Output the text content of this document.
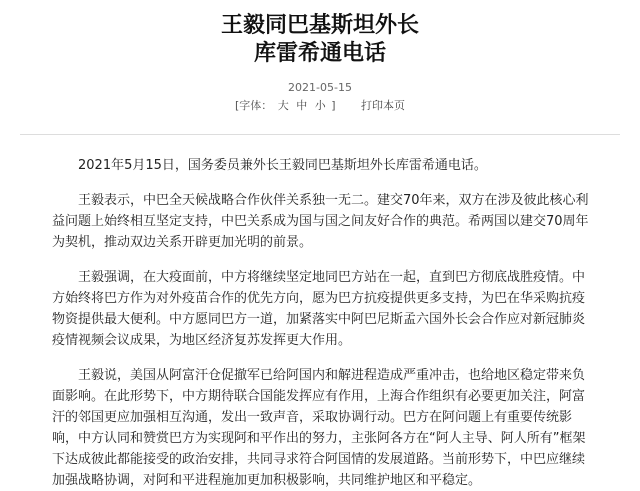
王毅同巴基斯坦外长
库雷希通电话
2021-05-15
[字体： 大 中 小 ] 打印本页

2021年5月15日，国务委员兼外长王毅同巴基斯坦外长库雷希通电话。

王毅表示，中巴全天候战略合作伙伴关系独一无二。建交70年来，双方在涉及彼此核心利益问题上始终相互坚定支持，中巴关系成为国与国之间友好合作的典范。希两国以建交70周年为契机，推动双边关系开辟更加光明的前景。

王毅强调，在大疫面前，中方将继续坚定地同巴方站在一起，直到巴方彻底战胜疫情。中方始终将巴方作为对外疫苗合作的优先方向，愿为巴方抗疫提供更多支持，为巴在华采购抗疫物资提供最大便利。中方愿同巴方一道，加紧落实中阿巴尼斯孟六国外长会合作应对新冠肺炎疫情视频会议成果，为地区经济复苏发挥更大作用。

王毅说，美国从阿富汗仓促撤军已给阿国内和解进程造成严重冲击，也给地区稳定带来负面影响。在此形势下，中方期待联合国能发挥应有作用，上海合作组织有必要更加关注，阿富汗的邻国更应加强相互沟通，发出一致声音，采取协调行动。巴方在阿问题上有重要传统影响，中方认同和赞赏巴方为实现阿和平作出的努力，主张阿各方在“阿人主导、阿人所有”框架下达成彼此都能接受的政治安排，共同寻求符合阿国情的发展道路。当前形势下，中巴应继续加强战略协调，对阿和平进程施加更加积极影响，共同维护地区和平稳定。
